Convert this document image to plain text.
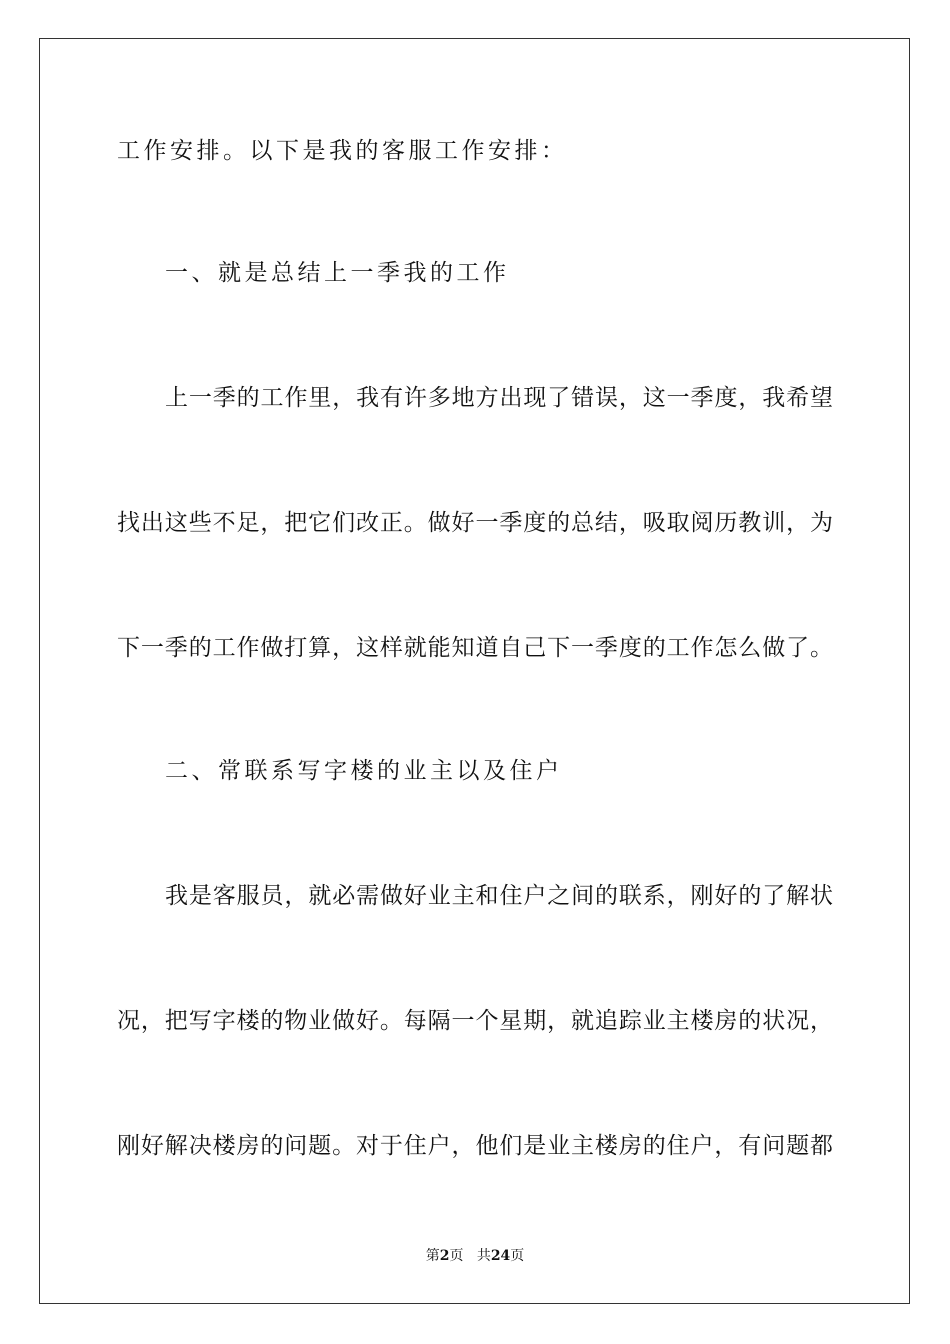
工作安排。以下是我的客服工作安排：
一、就是总结上一季我的工作
上一季的工作里，我有许多地方出现了错误，这一季度，我希望
找出这些不足，把它们改正。做好一季度的总结，吸取阅历教训，为
下一季的工作做打算，这样就能知道自己下一季度的工作怎么做了。
二、常联系写字楼的业主以及住户
我是客服员，就必需做好业主和住户之间的联系，刚好的了解状
况，把写字楼的物业做好。每隔一个星期，就追踪业主楼房的状况，
刚好解决楼房的问题。对于住户，他们是业主楼房的住户，有问题都
第2页 共24页
